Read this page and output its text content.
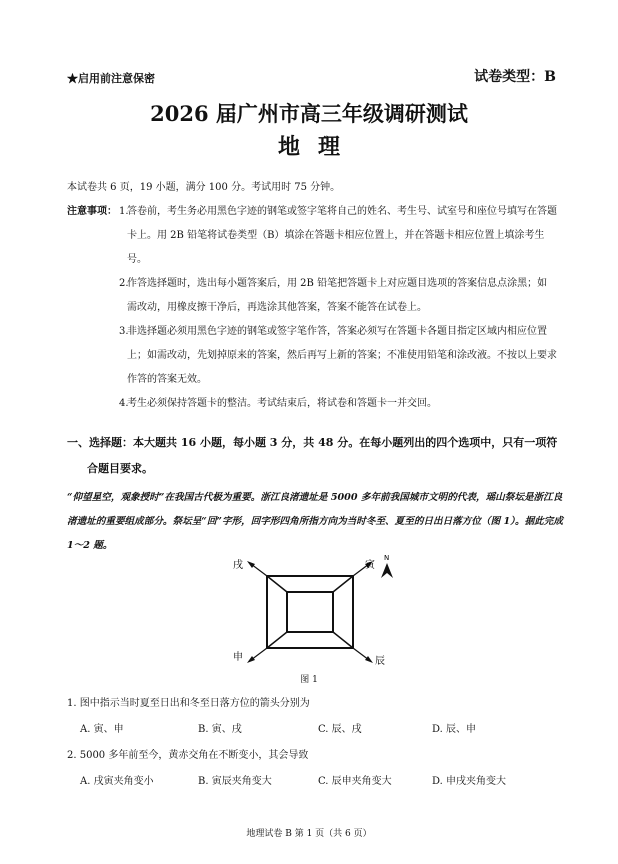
★启用前注意保密	试卷类型：B
2026 届广州市高三年级调研测试
地理
本试卷共 6 页，19 小题，满分 100 分。考试用时 75 分钟。
注意事项： 1.
答卷前，考生务必用黑色字迹的钢笔或签字笔将自己的姓名、考生号、试室号和座位号填写在答题卡上。用 2B 铅笔将试卷类型（B）填涂在答题卡相应位置上，并在答题卡相应位置上填涂考生号。
2.
作答选择题时，选出每小题答案后，用 2B 铅笔把答题卡上对应题目选项的答案信息点涂黑；如需改动，用橡皮擦干净后，再选涂其他答案，答案不能答在试卷上。
3.
非选择题必须用黑色字迹的钢笔或签字笔作答，答案必须写在答题卡各题目指定区域内相应位置上；如需改动，先划掉原来的答案，然后再写上新的答案；不准使用铅笔和涂改液。不按以上要求作答的答案无效。
4.
考生必须保持答题卡的整洁。考试结束后，将试卷和答题卡一并交回。
一、选择题：本大题共 16 小题，每小题 3 分，共 48 分。在每小题列出的四个选项中，只有一项符
合题目要求。
“仰望星空，观象授时”在我国古代极为重要。浙江良渚遗址是 5000 多年前我国城市文明的代表，瑶山祭坛是浙江良渚遗址的重要组成部分。祭坛呈“回”字形，回字形四角所指方向为当时冬至、夏至的日出日落方位（图 1）。据此完成 1～2 题。
戌	寅
申	辰
N
图 1
1. 图中指示当时夏至日出和冬至日落方位的箭头分别为
A. 寅、申	B. 寅、戌	C. 辰、戌	D. 辰、申
2. 5000 多年前至今，黄赤交角在不断变小，其会导致
A. 戌寅夹角变小	B. 寅辰夹角变大	C. 辰申夹角变大	D. 申戌夹角变大
地理试卷 B 第 1 页（共 6 页）
